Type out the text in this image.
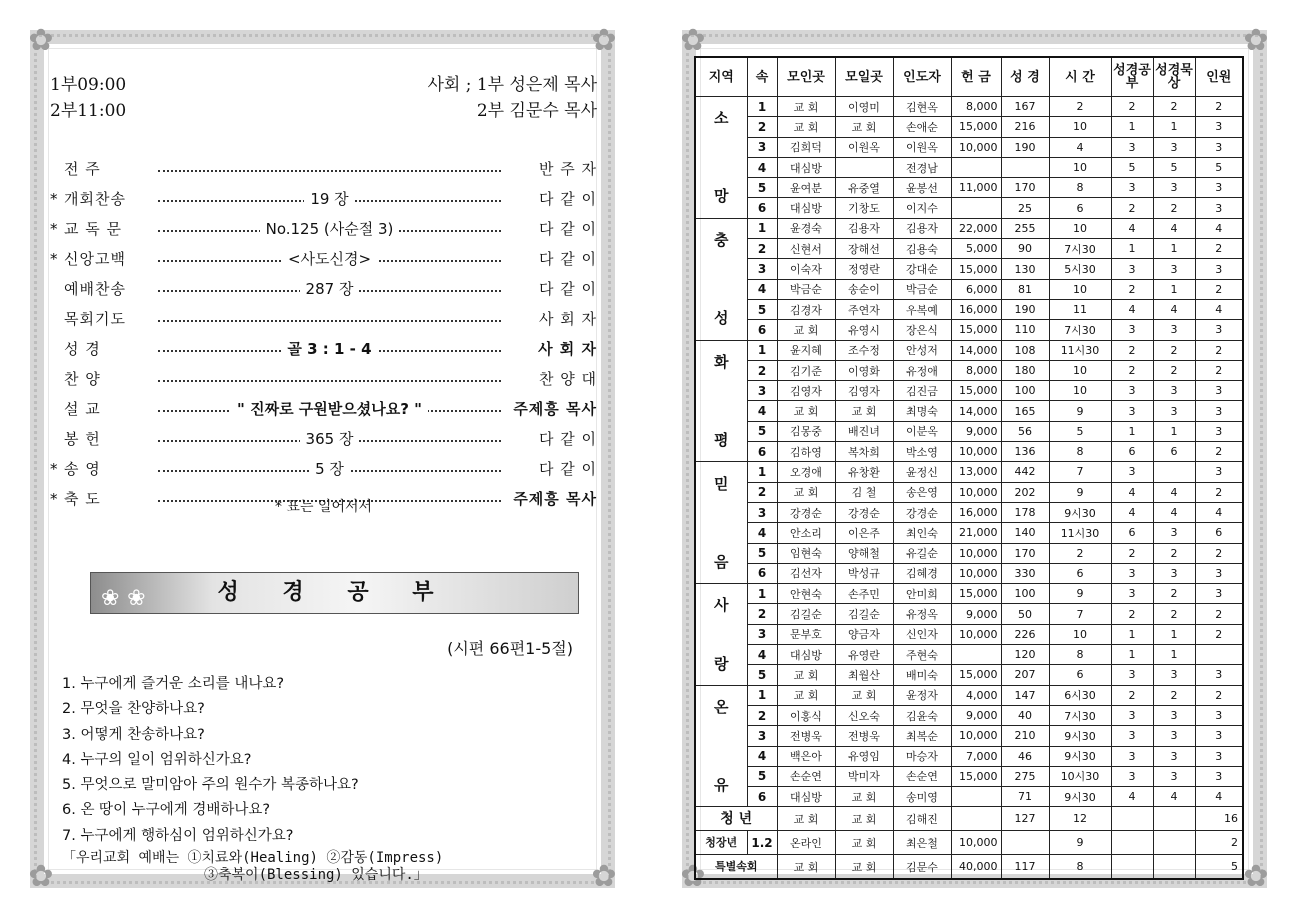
✿	✿
✿	✿
1부09:00	사회 ; 1부 성은제 목사
2부11:00	2부 김문수 목사
전 주	반 주 자
* 개회찬송	19 장	다 같 이
* 교 독 문	No.125 (사순절 3)	다 같 이
* 신앙고백	<사도신경>	다 같 이
예배찬송	287 장	다 같 이
목회기도	사 회 자
성 경	골 3 : 1 - 4	사 회 자
찬 양	찬 양 대
설 교	" 진짜로 구원받으셨나요? "	주제흥 목사
봉 헌	365 장	다 같 이
* 송 영	5 장	다 같 이
* 축 도	주제흥 목사
* 표는 일어서서
❀ ❀	성 경 공 부
(시편 66편1-5절)
1. 누구에게 즐거운 소리를 내나요?
2. 무엇을 찬양하나요?
3. 어떻게 찬송하나요?
4. 누구의 일이 엄위하신가요?
5. 무엇으로 말미암아 주의 원수가 복종하나요?
6. 온 땅이 누구에게 경배하나요?
7. 누구에게 행하심이 엄위하신가요?
「우리교회 예배는 ①치료와(Healing) ②감동(Impress)
③축복이(Blessing) 있습니다.」
✿	✿
✿	✿
지역	속	모인곳	모일곳	인도자	헌 금	성 경	시 간	성경공부	성경묵상	인원

소
망	1	교 회	이영미	김현옥	8,000	167	2	2	2	2
	2	교 회	교 회	손애순	15,000	216	10	1	1	3
	3	김희덕	이원옥	이원옥	10,000	190	4	3	3	3
	4	대심방		전경남			10	5	5	5
	5	윤여분	유중열	윤봉선	11,000	170	8	3	3	3
	6	대심방	기창도	이지수		25	6	2	2	3

충
성	1	윤경숙	김용자	김용자	22,000	255	10	4	4	4
	2	신현서	장해선	김용숙	5,000	90	7시30	1	1	2
	3	이숙자	정영란	강대순	15,000	130	5시30	3	3	3
	4	박금순	송순이	박금순	6,000	81	10	2	1	2
	5	김경자	주연자	우복예	16,000	190	11	4	4	4
	6	교 회	유영시	장은식	15,000	110	7시30	3	3	3

화
평	1	윤지혜	조수정	안성저	14,000	108	11시30	2	2	2
	2	김기준	이영화	유정애	8,000	180	10	2	2	2
	3	김영자	김영자	김진금	15,000	100	10	3	3	3
	4	교 회	교 회	최명숙	14,000	165	9	3	3	3
	5	김몽중	배진녀	이분옥	9,000	56	5	1	1	3
	6	김하영	복차희	박소영	10,000	136	8	6	6	2

믿
음	1	오경애	유창환	윤정신	13,000	442	7	3		3
	2	교 회	김 철	송은영	10,000	202	9	4	4	2
	3	강경순	강경순	강경순	16,000	178	9시30	4	4	4
	4	안소리	이은주	최인숙	21,000	140	11시30	6	3	6
	5	임현숙	양해철	유길순	10,000	170	2	2	2	2
	6	김선자	박성규	김혜경	10,000	330	6	3	3	3

사
랑	1	안현숙	손주민	안미희	15,000	100	9	3	2	3
	2	김길순	김길순	유정옥	9,000	50	7	2	2	2
	3	문부호	양금자	신인자	10,000	226	10	1	1	2
	4	대심방	유영란	주현숙		120	8	1	1	
	5	교 회	최월산	배미숙	15,000	207	6	3	3	3

온
유	1	교 회	교 회	윤정자	4,000	147	6시30	2	2	2
	2	이홍식	신오숙	김윤숙	9,000	40	7시30	3	3	3
	3	전병욱	전병욱	최복순	10,000	210	9시30	3	3	3
	4	백은아	유영임	마승자	7,000	46	9시30	3	3	3
	5	손순연	박미자	손순연	15,000	275	10시30	3	3	3
	6	대심방	교 회	송미영		71	9시30	4	4	4
청 년		교 회	교 회	김해진		127	12			16
청장년	1.2	온라인	교 회	최은철	10,000		9			2
특별속회		교 회	교 회	김문수	40,000	117	8			5
